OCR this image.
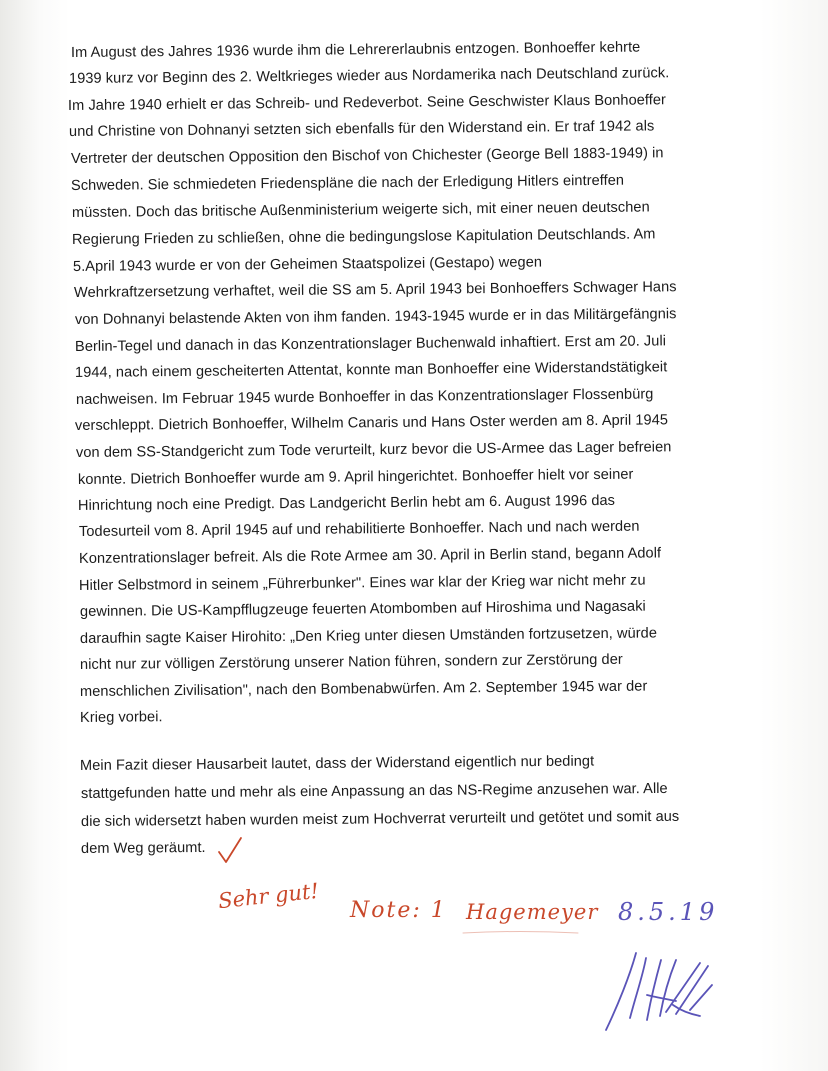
Im August des Jahres 1936 wurde ihm die Lehrererlaubnis entzogen. Bonhoeffer kehrte
1939 kurz vor Beginn des 2. Weltkrieges wieder aus Nordamerika nach Deutschland zurück.
Im Jahre 1940 erhielt er das Schreib- und Redeverbot. Seine Geschwister Klaus Bonhoeffer
und Christine von Dohnanyi setzten sich ebenfalls für den Widerstand ein. Er traf 1942 als
Vertreter der deutschen Opposition den Bischof von Chichester (George Bell 1883-1949) in
Schweden. Sie schmiedeten Friedenspläne die nach der Erledigung Hitlers eintreffen
müssten. Doch das britische Außenministerium weigerte sich, mit einer neuen deutschen
Regierung Frieden zu schließen, ohne die bedingungslose Kapitulation Deutschlands. Am
5.April 1943 wurde er von der Geheimen Staatspolizei (Gestapo) wegen
Wehrkraftzersetzung verhaftet, weil die SS am 5. April 1943 bei Bonhoeffers Schwager Hans
von Dohnanyi belastende Akten von ihm fanden. 1943-1945 wurde er in das Militärgefängnis
Berlin-Tegel und danach in das Konzentrationslager Buchenwald inhaftiert. Erst am 20. Juli
1944, nach einem gescheiterten Attentat, konnte man Bonhoeffer eine Widerstandstätigkeit
nachweisen. Im Februar 1945 wurde Bonhoeffer in das Konzentrationslager Flossenbürg
verschleppt. Dietrich Bonhoeffer, Wilhelm Canaris und Hans Oster werden am 8. April 1945
von dem SS-Standgericht zum Tode verurteilt, kurz bevor die US-Armee das Lager befreien
konnte. Dietrich Bonhoeffer wurde am 9. April hingerichtet. Bonhoeffer hielt vor seiner
Hinrichtung noch eine Predigt. Das Landgericht Berlin hebt am 6. August 1996 das
Todesurteil vom 8. April 1945 auf und rehabilitierte Bonhoeffer. Nach und nach werden
Konzentrationslager befreit. Als die Rote Armee am 30. April in Berlin stand, begann Adolf
Hitler Selbstmord in seinem „Führerbunker". Eines war klar der Krieg war nicht mehr zu
gewinnen. Die US-Kampfflugzeuge feuerten Atombomben auf Hiroshima und Nagasaki
daraufhin sagte Kaiser Hirohito: „Den Krieg unter diesen Umständen fortzusetzen, würde
nicht nur zur völligen Zerstörung unserer Nation führen, sondern zur Zerstörung der
menschlichen Zivilisation", nach den Bombenabwürfen. Am 2. September 1945 war der
Krieg vorbei.
Mein Fazit dieser Hausarbeit lautet, dass der Widerstand eigentlich nur bedingt
stattgefunden hatte und mehr als eine Anpassung an das NS-Regime anzusehen war. Alle
die sich widersetzt haben wurden meist zum Hochverrat verurteilt und getötet und somit aus
dem Weg geräumt.
Sehr gut! Note: 1 Hagemeyer 8.5.19
